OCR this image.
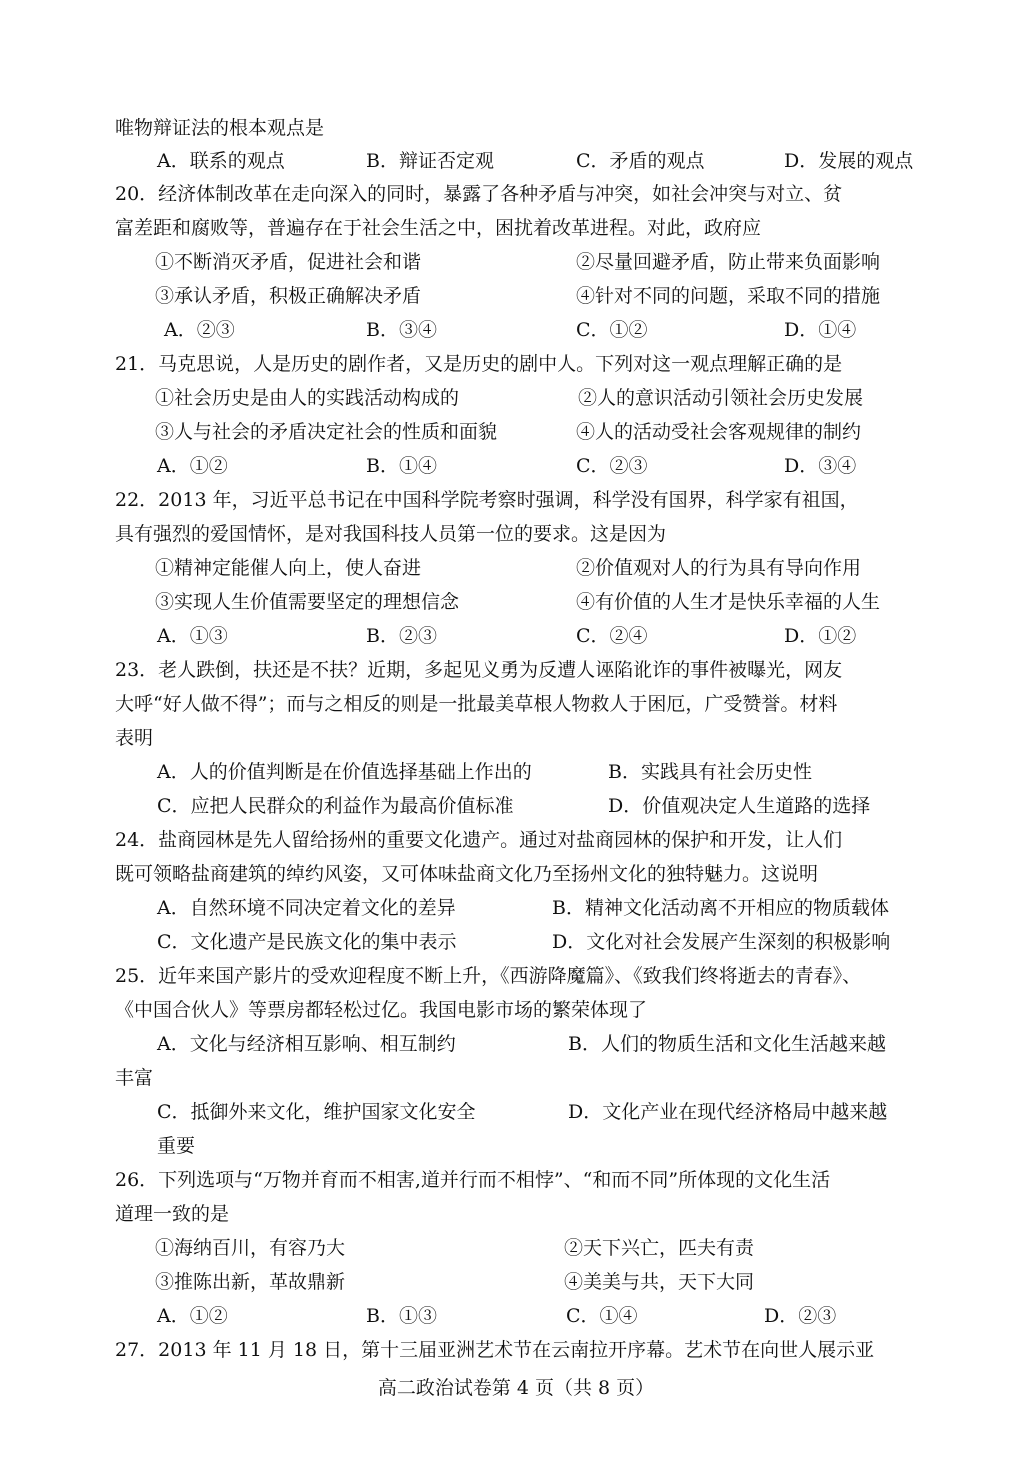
唯物辩证法的根本观点是
A．联系的观点	B．辩证否定观	C．矛盾的观点	D．发展的观点
20．经济体制改革在走向深入的同时，暴露了各种矛盾与冲突，如社会冲突与对立、贫
富差距和腐败等，普遍存在于社会生活之中，困扰着改革进程。对此，政府应
①不断消灭矛盾，促进社会和谐	②尽量回避矛盾，防止带来负面影响
③承认矛盾，积极正确解决矛盾	④针对不同的问题，采取不同的措施
A．②③	B．③④	C．①②	D．①④
21．马克思说，人是历史的剧作者，又是历史的剧中人。下列对这一观点理解正确的是
①社会历史是由人的实践活动构成的	②人的意识活动引领社会历史发展
③人与社会的矛盾决定社会的性质和面貌	④人的活动受社会客观规律的制约
A．①②	B．①④	C．②③	D．③④
22．2013 年，习近平总书记在中国科学院考察时强调，科学没有国界，科学家有祖国，
具有强烈的爱国情怀，是对我国科技人员第一位的要求。这是因为
①精神定能催人向上，使人奋进	②价值观对人的行为具有导向作用
③实现人生价值需要坚定的理想信念	④有价值的人生才是快乐幸福的人生
A．①③	B．②③	C．②④	D．①②
23．老人跌倒，扶还是不扶？近期，多起见义勇为反遭人诬陷讹诈的事件被曝光，网友
大呼“好人做不得”；而与之相反的则是一批最美草根人物救人于困厄，广受赞誉。材料
表明
A．人的价值判断是在价值选择基础上作出的	B．实践具有社会历史性
C．应把人民群众的利益作为最高价值标准	D．价值观决定人生道路的选择
24．盐商园林是先人留给扬州的重要文化遗产。通过对盐商园林的保护和开发，让人们
既可领略盐商建筑的绰约风姿，又可体味盐商文化乃至扬州文化的独特魅力。这说明
A．自然环境不同决定着文化的差异	B．精神文化活动离不开相应的物质载体
C．文化遗产是民族文化的集中表示	D．文化对社会发展产生深刻的积极影响
25．近年来国产影片的受欢迎程度不断上升，《西游降魔篇》、《致我们终将逝去的青春》、
《中国合伙人》等票房都轻松过亿。我国电影市场的繁荣体现了
A．文化与经济相互影响、相互制约	B．人们的物质生活和文化生活越来越
丰富
C．抵御外来文化，维护国家文化安全	D．文化产业在现代经济格局中越来越
重要
26．下列选项与“万物并育而不相害,道并行而不相悖”、“和而不同”所体现的文化生活
道理一致的是
①海纳百川，有容乃大	②天下兴亡，匹夫有责
③推陈出新，革故鼎新	④美美与共，天下大同
A．①②	B．①③	C．①④	D．②③
27．2013 年 11 月 18 日，第十三届亚洲艺术节在云南拉开序幕。艺术节在向世人展示亚
高二政治试卷第 4 页（共 8 页）
